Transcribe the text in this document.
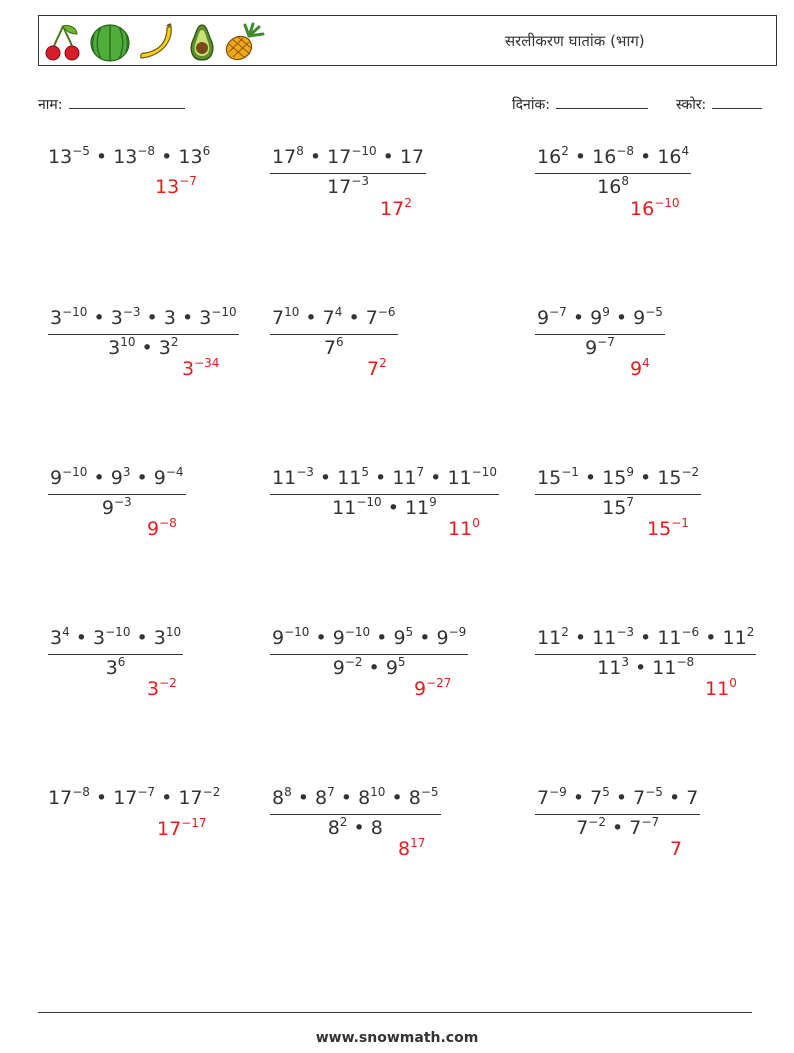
सरलीकरण घातांक (भाग)
नाम:	दिनांक:	स्कोर:
$13^{-5}$ • $13^{-8}$ • $13^6$
$13^{-7}$	$\frac{17^8 • 17^{-10} • 17}{17^{-3}}$
$17^2$
$\frac{16^2 • 16^{-8} • 16^4}{16^8}$
$16^{-10}$
$\frac{3^{-10} • 3^{-3} • 3 • 3^{-10}}{3^{10} • 3^2}$
$3^{-34}$
$\frac{7^{10} • 7^4 • 7^{-6}}{7^6}$
$7^2$
$\frac{9^{-7} • 9^9 • 9^{-5}}{9^{-7}}$
$9^4$
$\frac{9^{-10} • 9^3 • 9^{-4}}{9^{-3}}$
$9^{-8}$
$\frac{11^{-3} • 11^5 • 11^7 • 11^{-10}}{11^{-10} • 11^9}$
$11^0$
$\frac{15^{-1} • 15^9 • 15^{-2}}{15^7}$
$15^{-1}$
$\frac{3^4 • 3^{-10} • 3^{10}}{3^6}$
$3^{-2}$
$\frac{9^{-10} • 9^{-10} • 9^5 • 9^{-9}}{9^{-2} • 9^5}$
$9^{-27}$
$\frac{11^2 • 11^{-3} • 11^{-6} • 11^2}{11^3 • 11^{-8}}$
$11^0$
$17^{-8}$ • $17^{-7}$ • $17^{-2}$
$17^{-17}$	$\frac{8^8 • 8^7 • 8^{10} • 8^{-5}}{8^2 • 8}$
$8^{17}$
$\frac{7^{-9} • 7^5 • 7^{-5} • 7}{7^{-2} • 7^{-7}}$
7
www.snowmath.com
